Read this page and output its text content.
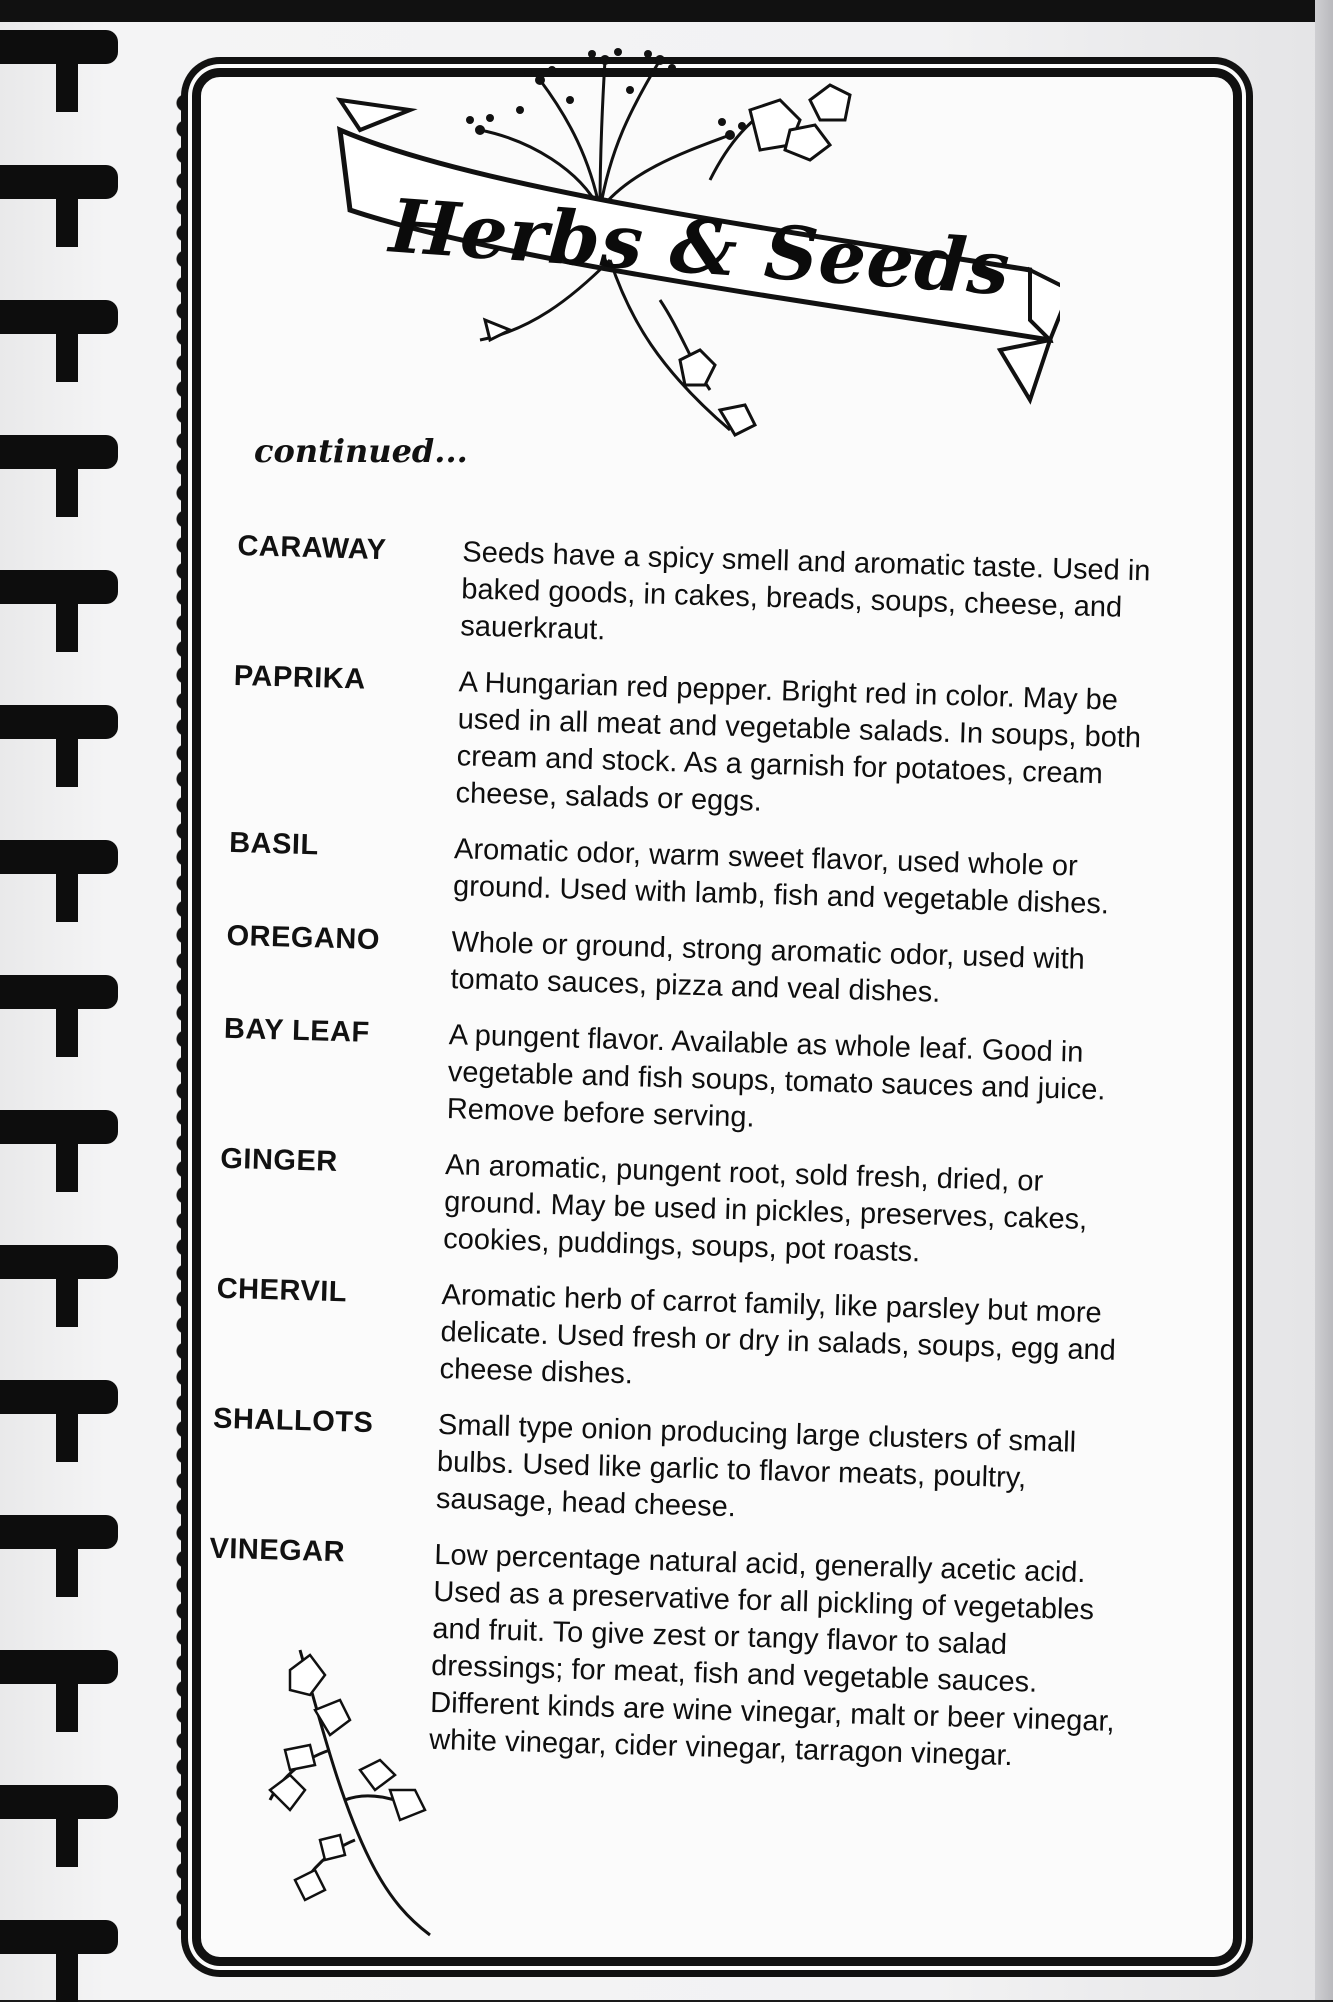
Herbs & Seeds
continued...
CARAWAY	Seeds have a spicy smell and aromatic taste. Used in baked goods, in cakes, breads, soups, cheese, and sauerkraut.
PAPRIKA	A Hungarian red pepper. Bright red in color. May be used in all meat and vegetable salads. In soups, both cream and stock. As a garnish for potatoes, cream cheese, salads or eggs.
BASIL	Aromatic odor, warm sweet flavor, used whole or ground. Used with lamb, fish and vegetable dishes.
OREGANO	Whole or ground, strong aromatic odor, used with tomato sauces, pizza and veal dishes.
BAY LEAF	A pungent flavor. Available as whole leaf. Good in vegetable and fish soups, tomato sauces and juice. Remove before serving.
GINGER	An aromatic, pungent root, sold fresh, dried, or ground. May be used in pickles, preserves, cakes, cookies, puddings, soups, pot roasts.
CHERVIL	Aromatic herb of carrot family, like parsley but more delicate. Used fresh or dry in salads, soups, egg and cheese dishes.
SHALLOTS	Small type onion producing large clusters of small bulbs. Used like garlic to flavor meats, poultry, sausage, head cheese.
VINEGAR	Low percentage natural acid, generally acetic acid. Used as a preservative for all pickling of vegetables and fruit. To give zest or tangy flavor to salad dressings; for meat, fish and vegetable sauces. Different kinds are wine vinegar, malt or beer vinegar, white vinegar, cider vinegar, tarragon vinegar.
